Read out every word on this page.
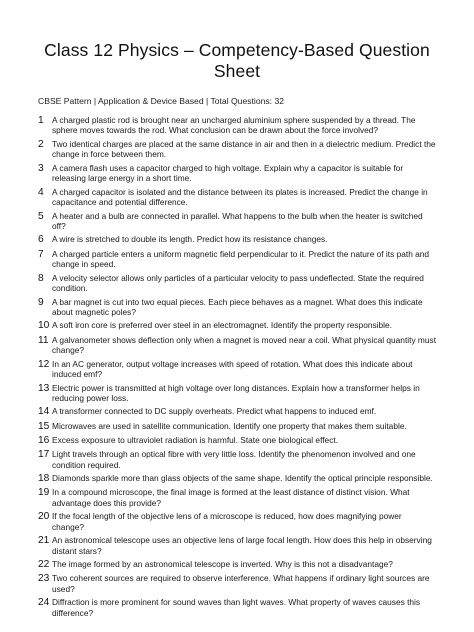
Class 12 Physics – Competency-Based Question Sheet

CBSE Pattern | Application & Device Based | Total Questions: 32

1 A charged plastic rod is brought near an uncharged aluminium sphere suspended by a thread. The sphere moves towards the rod. What conclusion can be drawn about the force involved?
2 Two identical charges are placed at the same distance in air and then in a dielectric medium. Predict the change in force between them.
3 A camera flash uses a capacitor charged to high voltage. Explain why a capacitor is suitable for releasing large energy in a short time.
4 A charged capacitor is isolated and the distance between its plates is increased. Predict the change in capacitance and potential difference.
5 A heater and a bulb are connected in parallel. What happens to the bulb when the heater is switched off?
6 A wire is stretched to double its length. Predict how its resistance changes.
7 A charged particle enters a uniform magnetic field perpendicular to it. Predict the nature of its path and change in speed.
8 A velocity selector allows only particles of a particular velocity to pass undeflected. State the required condition.
9 A bar magnet is cut into two equal pieces. Each piece behaves as a magnet. What does this indicate about magnetic poles?
10 A soft iron core is preferred over steel in an electromagnet. Identify the property responsible.
11 A galvanometer shows deflection only when a magnet is moved near a coil. What physical quantity must change?
12 In an AC generator, output voltage increases with speed of rotation. What does this indicate about induced emf?
13 Electric power is transmitted at high voltage over long distances. Explain how a transformer helps in reducing power loss.
14 A transformer connected to DC supply overheats. Predict what happens to induced emf.
15 Microwaves are used in satellite communication. Identify one property that makes them suitable.
16 Excess exposure to ultraviolet radiation is harmful. State one biological effect.
17 Light travels through an optical fibre with very little loss. Identify the phenomenon involved and one condition required.
18 Diamonds sparkle more than glass objects of the same shape. Identify the optical principle responsible.
19 In a compound microscope, the final image is formed at the least distance of distinct vision. What advantage does this provide?
20 If the focal length of the objective lens of a microscope is reduced, how does magnifying power change?
21 An astronomical telescope uses an objective lens of large focal length. How does this help in observing distant stars?
22 The image formed by an astronomical telescope is inverted. Why is this not a disadvantage?
23 Two coherent sources are required to observe interference. What happens if ordinary light sources are used?
24 Diffraction is more prominent for sound waves than light waves. What property of waves causes this difference?
